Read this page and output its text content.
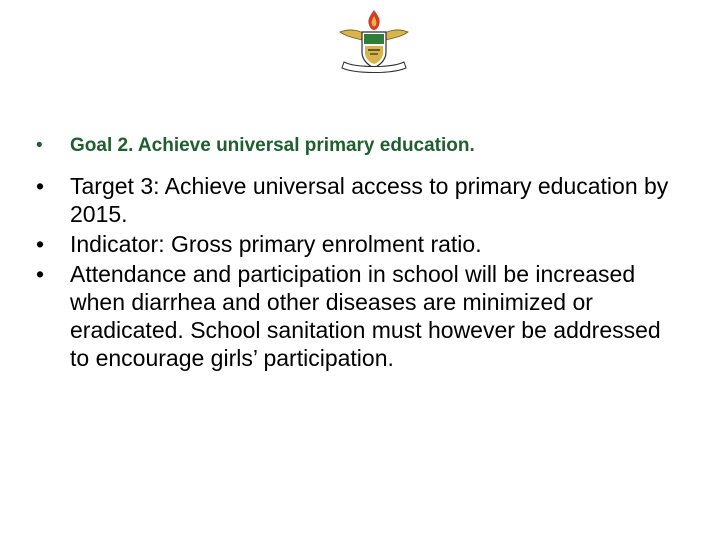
• Goal 2. Achieve universal primary education.
• Target 3: Achieve universal access to primary education by 2015.
• Indicator: Gross primary enrolment ratio.
• Attendance and participation in school will be increased when diarrhea and other diseases are minimized or eradicated. School sanitation must however be addressed to encourage girls’ participation.
